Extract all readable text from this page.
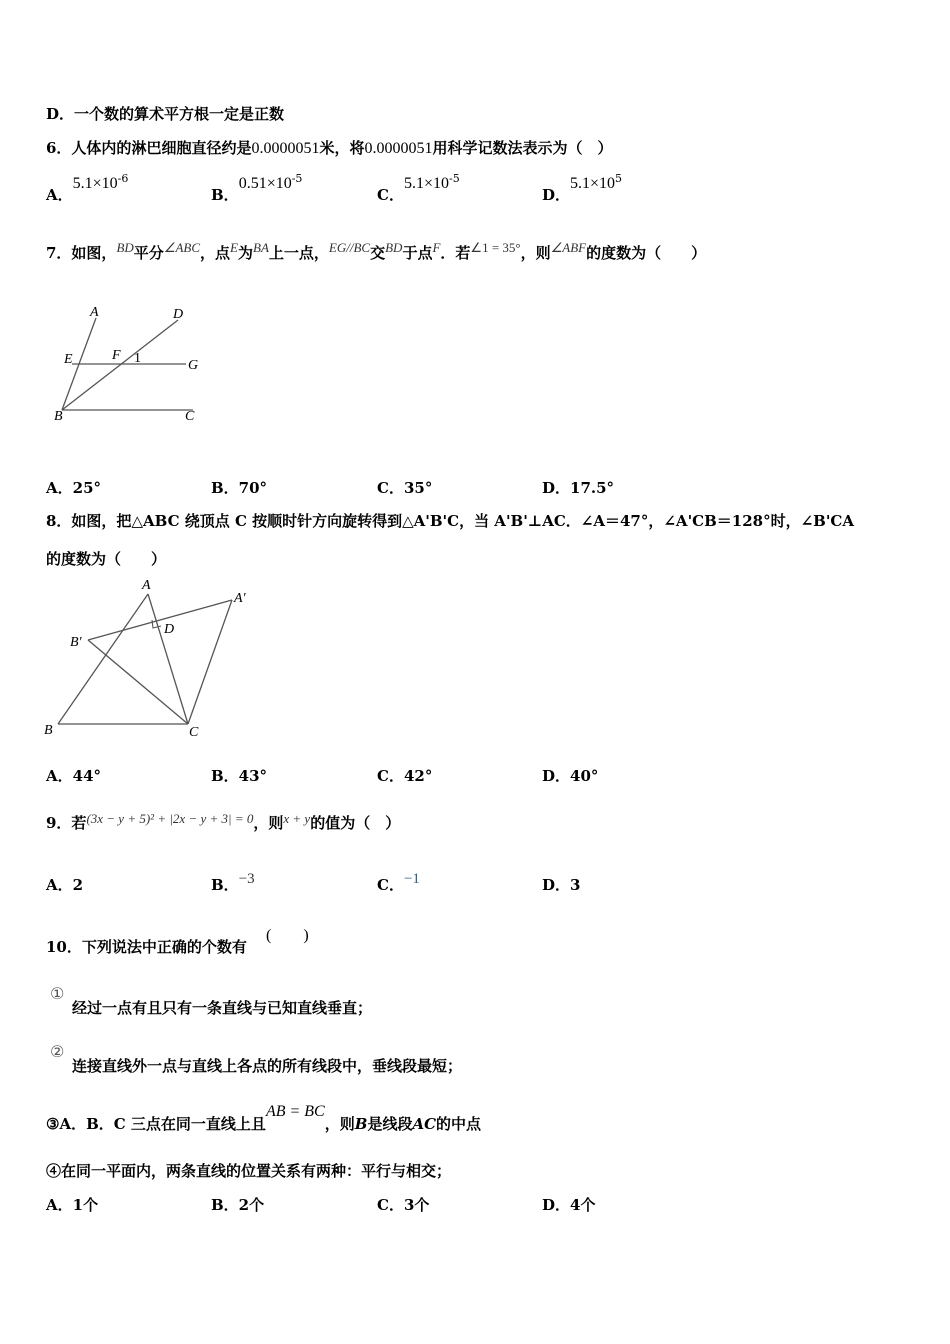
D．一个数的算术平方根一定是正数
6．人体内的淋巴细胞直径约是0.0000051米，将0.0000051用科学记数法表示为（　）
A．$5.1\times 10^{-6}$
B．$0.51\times 10^{-5}$
C．$5.1\times 10^{-5}$
D．$5.1\times 10^5$
7．如图，BD平分∠ABC，点E为BA上一点，EG//BC交BD于点F．若∠1 = 35°，则∠ABF的度数为（　　）
A	D
E	F 1	G
B	C
A．25°	B．70°	C．35°	D．17.5°
8．如图，把△ABC 绕顶点 C 按顺时针方向旋转得到△A'B'C，当 A'B'⊥AC．∠A＝47°，∠A'CB＝128°时，∠B'CA
的度数为（　　）
A
A′
B′
D
B	C
A．44°	B．43°	C．42°	D．40°
9．若(3x − y + 5)² + |2x − y + 3| = 0，则x + y的值为（　）
A．2	B．−3	C．−1	D．3
10．下列说法中正确的个数有
(　　)
①
经过一点有且只有一条直线与已知直线垂直；
②
连接直线外一点与直线上各点的所有线段中，垂线段最短；
③A．B．C 三点在同一直线上且AB = BC，则B是线段AC的中点
④在同一平面内，两条直线的位置关系有两种：平行与相交；
A．1个	B．2个	C．3个	D．4个
